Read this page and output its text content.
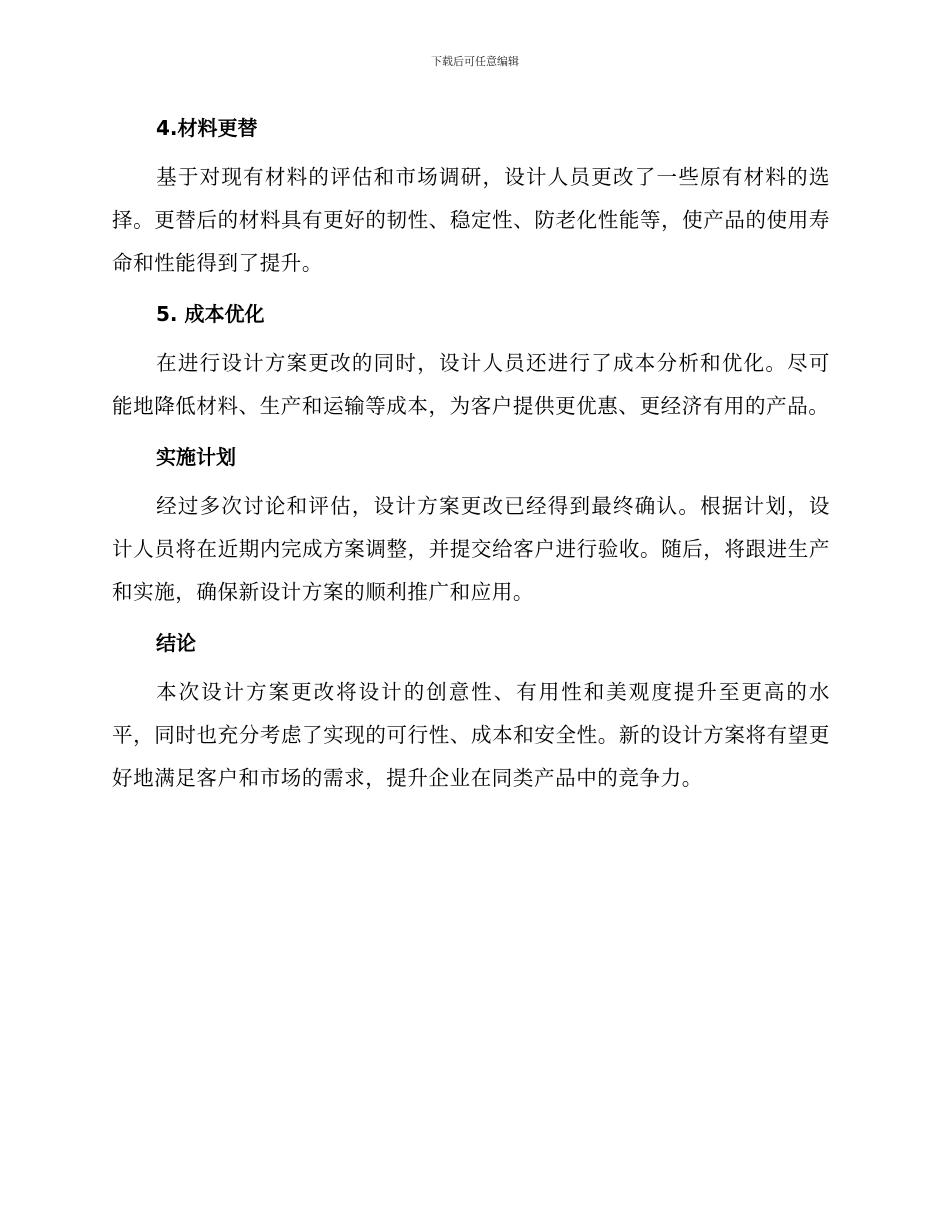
下载后可任意编辑
4.材料更替

基于对现有材料的评估和市场调研，设计人员更改了一些原有材料的选择。更替后的材料具有更好的韧性、稳定性、防老化性能等，使产品的使用寿命和性能得到了提升。

5. 成本优化

在进行设计方案更改的同时，设计人员还进行了成本分析和优化。尽可能地降低材料、生产和运输等成本，为客户提供更优惠、更经济有用的产品。

实施计划

经过多次讨论和评估，设计方案更改已经得到最终确认。根据计划，设计人员将在近期内完成方案调整，并提交给客户进行验收。随后，将跟进生产和实施，确保新设计方案的顺利推广和应用。

结论

本次设计方案更改将设计的创意性、有用性和美观度提升至更高的水平，同时也充分考虑了实现的可行性、成本和安全性。新的设计方案将有望更好地满足客户和市场的需求，提升企业在同类产品中的竞争力。
